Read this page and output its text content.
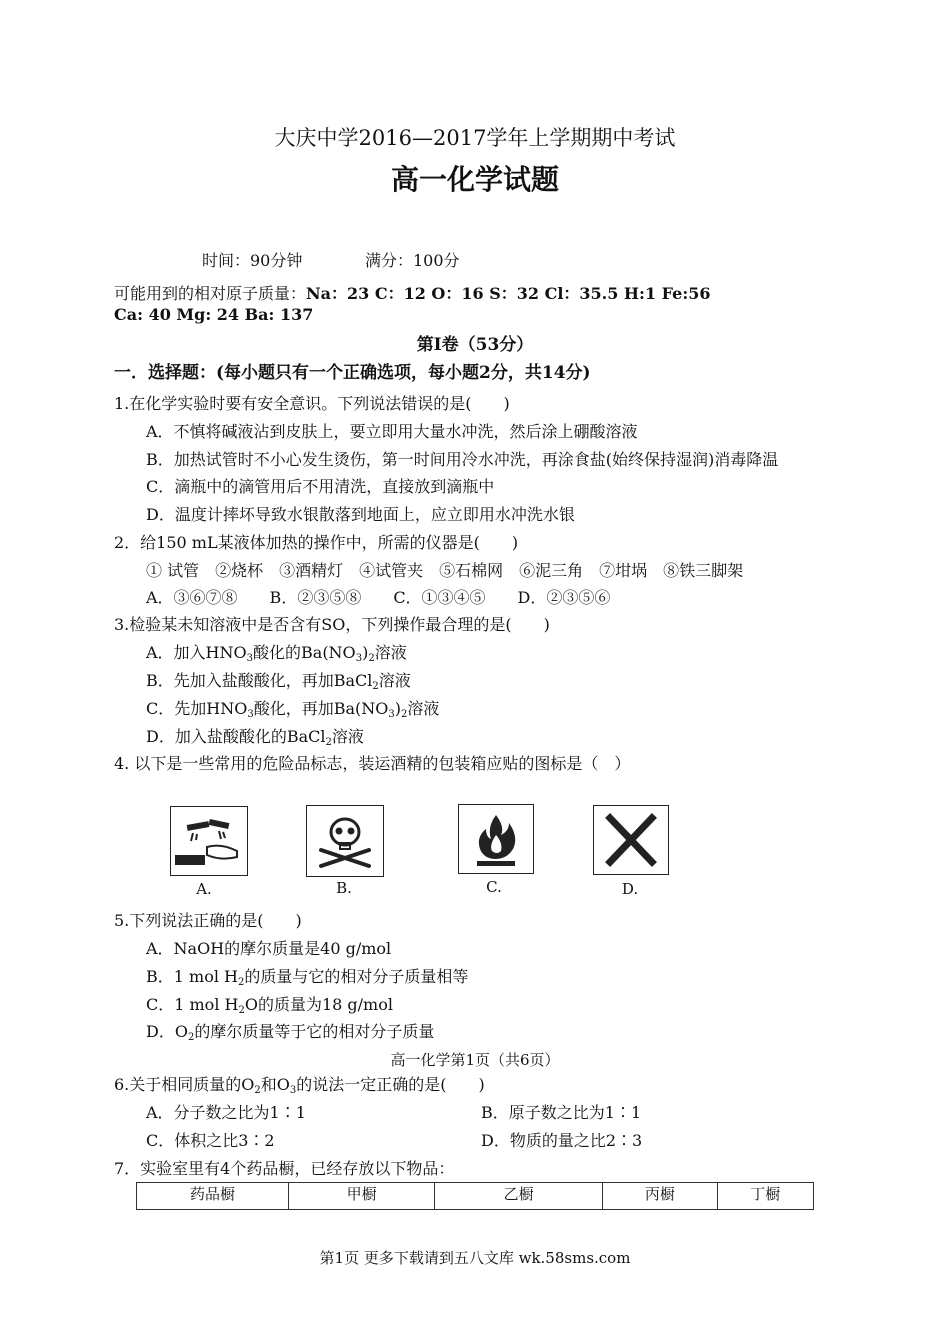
大庆中学2016—2017学年上学期期中考试
高一化学试题
时间：90分钟	满分：100分
可能用到的相对原子质量：Na：23 C：12 O：16 S：32 Cl：35.5 H:1 Fe:56
Ca: 40 Mg: 24 Ba: 137
第Ⅰ卷（53分）
一．选择题：(每小题只有一个正确选项，每小题2分，共14分)
1.在化学实验时要有安全意识。下列说法错误的是(　　)
A．不慎将碱液沾到皮肤上，要立即用大量水冲洗，然后涂上硼酸溶液
B．加热试管时不小心发生烫伤，第一时间用冷水冲洗，再涂食盐(始终保持湿润)消毒降温
C．滴瓶中的滴管用后不用清洗，直接放到滴瓶中
D．温度计摔坏导致水银散落到地面上，应立即用水冲洗水银
2．给150 mL某液体加热的操作中，所需的仪器是(　　)
① 试管　②烧杯　③酒精灯　④试管夹　⑤石棉网　⑥泥三角　⑦坩埚　⑧铁三脚架
A．③⑥⑦⑧　　B．②③⑤⑧　　C．①③④⑤　　D．②③⑤⑥
3.检验某未知溶液中是否含有SO，下列操作最合理的是(　　)
A．加入$HNO_3$酸化的$Ba(NO_3)_2$溶液
B．先加入盐酸酸化，再加BaCl$_2$溶液
C．先加$HNO_3$酸化，再加$Ba(NO_3)_2$溶液
D．加入盐酸酸化的BaCl$_2$溶液
4. 以下是一些常用的危险品标志，装运酒精的包装箱应贴的图标是（　）
A.	B.	C.	D.
5.下列说法正确的是(　　)
A．NaOH的摩尔质量是40 g/mol
B．1 mol $H_2$的质量与它的相对分子质量相等
C．1 mol $H_2O$的质量为18 g/mol
D．$O_2$的摩尔质量等于它的相对分子质量
高一化学第1页（共6页）
6.关于相同质量的$O_2$和$O_3$的说法一定正确的是(　　)
A．分子数之比为1∶1	B．原子数之比为1∶1
C．体积之比3∶2	D．物质的量之比2∶3
7．实验室里有4个药品橱，已经存放以下物品：
药品橱	甲橱	乙橱	丙橱	丁橱
第1页 更多下载请到五八文库 wk.58sms.com
